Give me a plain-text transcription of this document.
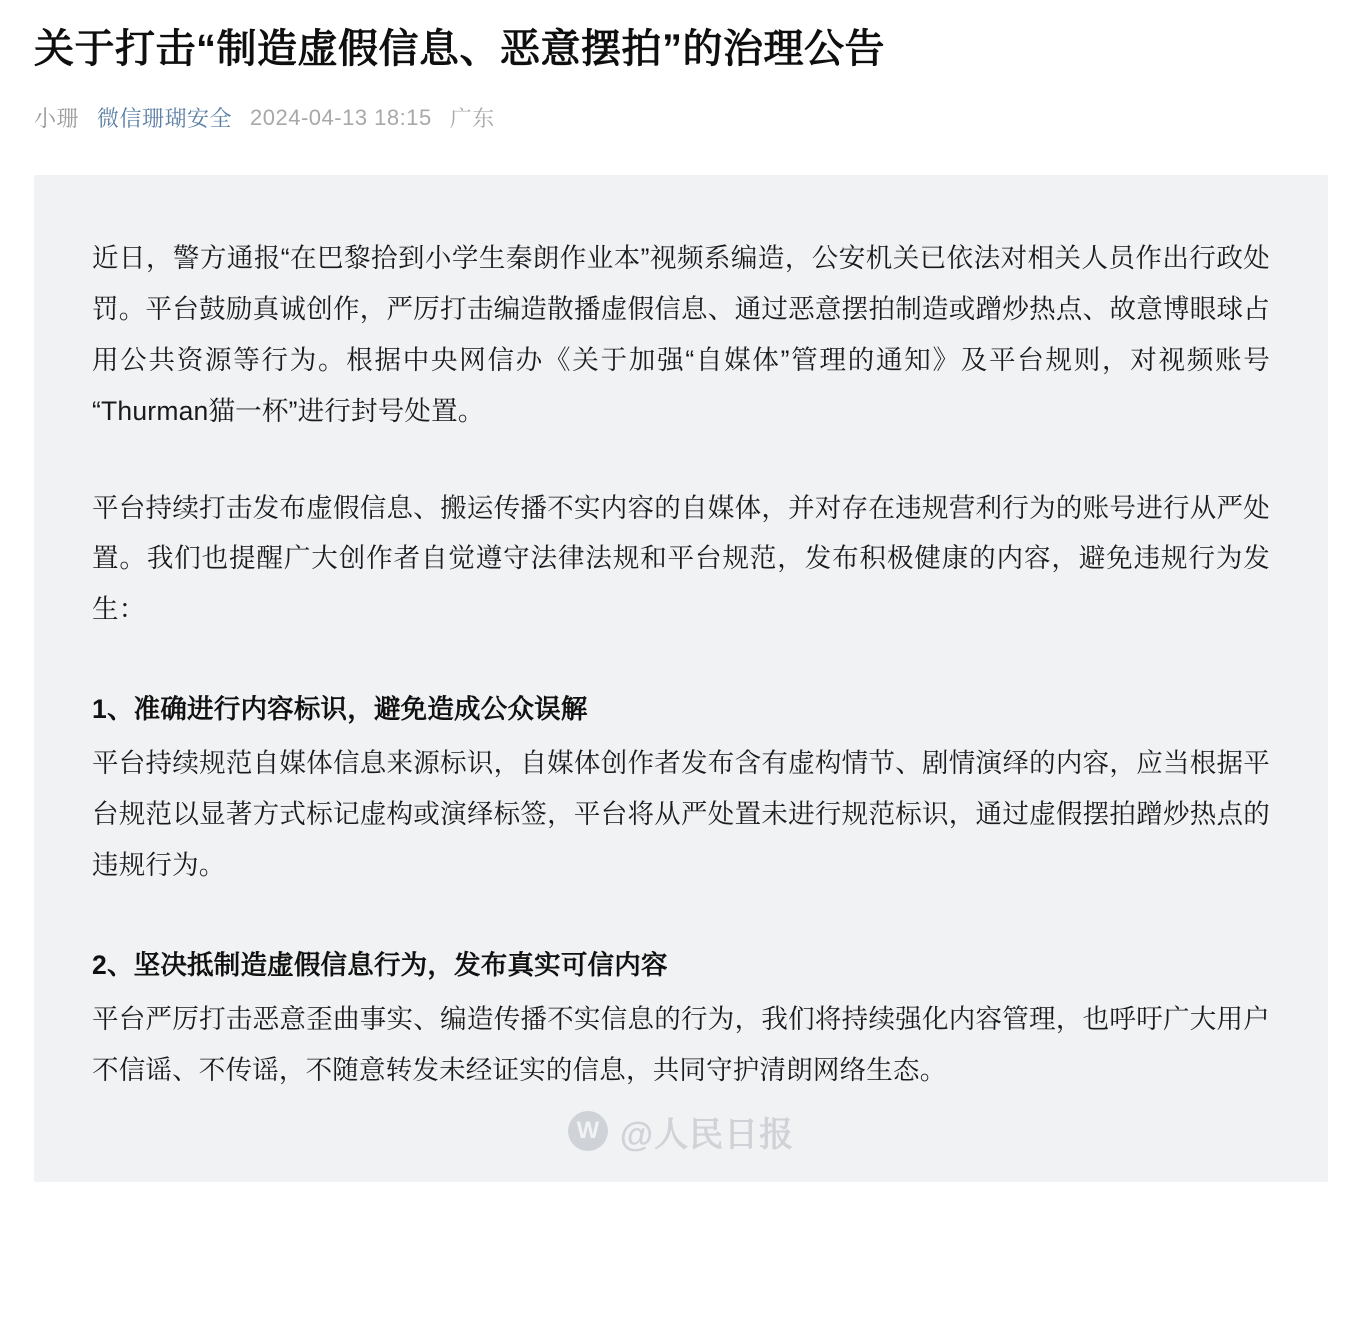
关于打击“制造虚假信息、恶意摆拍”的治理公告
小珊 微信珊瑚安全 2024-04-13 18:15 广东

近日，警方通报“在巴黎拾到小学生秦朗作业本”视频系编造，公安机关已依法对相关人员作出行政处罚。平台鼓励真诚创作，严厉打击编造散播虚假信息、通过恶意摆拍制造或蹭炒热点、故意博眼球占用公共资源等行为。根据中央网信办《关于加强“自媒体”管理的通知》及平台规则，对视频账号“Thurman猫一杯”进行封号处置。

平台持续打击发布虚假信息、搬运传播不实内容的自媒体，并对存在违规营利行为的账号进行从严处置。我们也提醒广大创作者自觉遵守法律法规和平台规范，发布积极健康的内容，避免违规行为发生：

1、准确进行内容标识，避免造成公众误解

平台持续规范自媒体信息来源标识，自媒体创作者发布含有虚构情节、剧情演绎的内容，应当根据平台规范以显著方式标记虚构或演绎标签，平台将从严处置未进行规范标识，通过虚假摆拍蹭炒热点的违规行为。

2、坚决抵制造虚假信息行为，发布真实可信内容

平台严厉打击恶意歪曲事实、编造传播不实信息的行为，我们将持续强化内容管理，也呼吁广大用户不信谣、不传谣，不随意转发未经证实的信息，共同守护清朗网络生态。

W @人民日报
